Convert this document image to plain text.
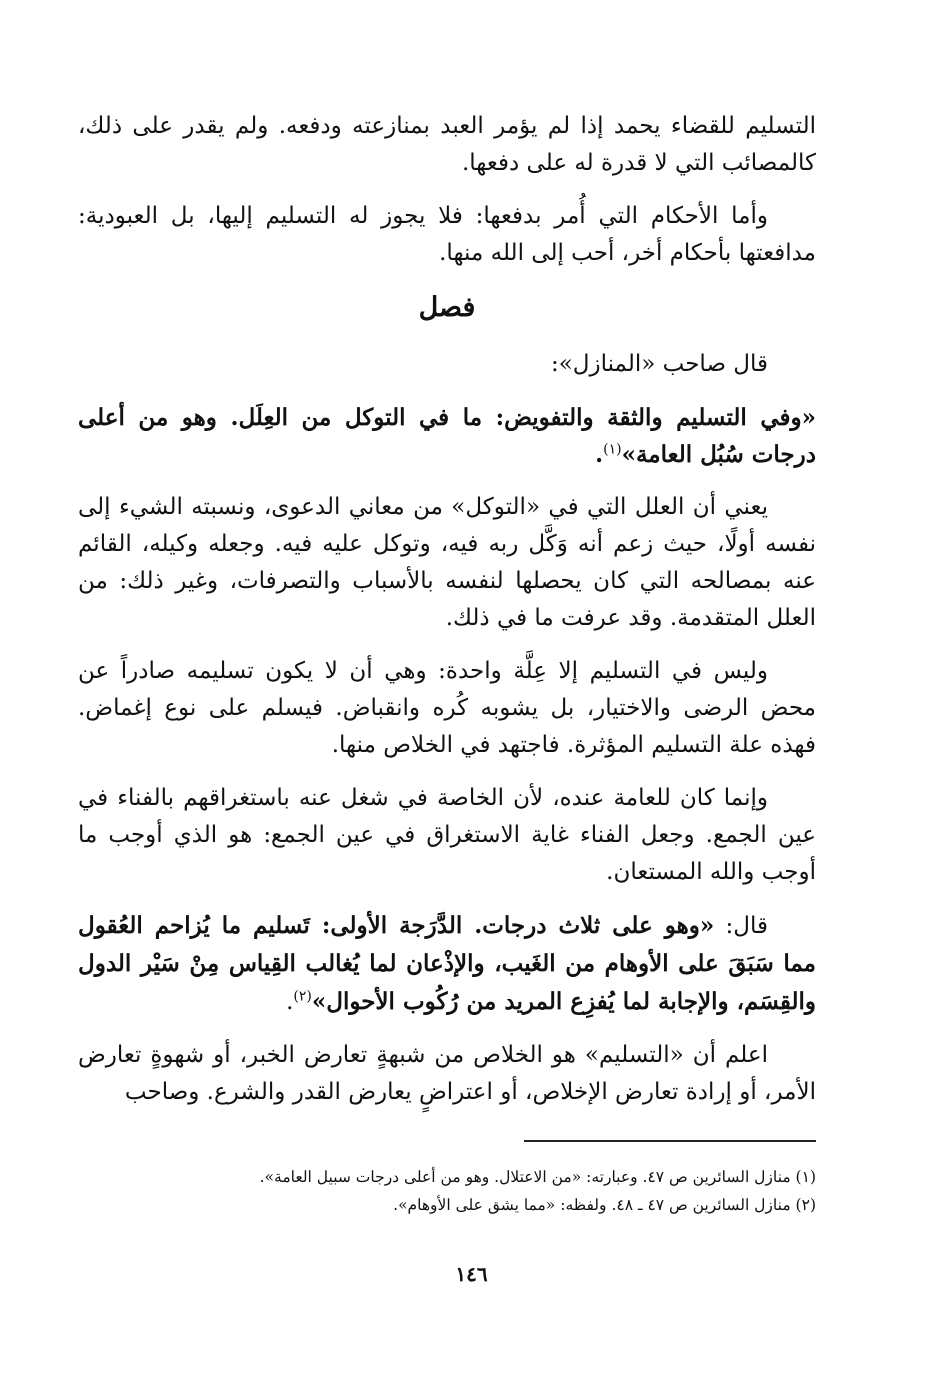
التسليم للقضاء يحمد إذا لم يؤمر العبد بمنازعته ودفعه. ولم يقدر على ذلك، كالمصائب التي لا قدرة له على دفعها.

وأما الأحكام التي أُمر بدفعها: فلا يجوز له التسليم إليها، بل العبودية: مدافعتها بأحكام أخر، أحب إلى الله منها.

فصل

قال صاحب «المنازل»:

«وفي التسليم والثقة والتفويض: ما في التوكل من العِلَل. وهو من أعلى درجات سُبُل العامة»$^{(١)}$.

يعني أن العلل التي في «التوكل» من معاني الدعوى، ونسبته الشيء إلى نفسه أولًا، حيث زعم أنه وَكَّل ربه فيه، وتوكل عليه فيه. وجعله وكيله، القائم عنه بمصالحه التي كان يحصلها لنفسه بالأسباب والتصرفات، وغير ذلك: من العلل المتقدمة. وقد عرفت ما في ذلك.

وليس في التسليم إلا عِلَّة واحدة: وهي أن لا يكون تسليمه صادراً عن محض الرضى والاختيار، بل يشوبه كُره وانقباض. فيسلم على نوع إغماض. فهذه علة التسليم المؤثرة. فاجتهد في الخلاص منها.

وإنما كان للعامة عنده، لأن الخاصة في شغل عنه باستغراقهم بالفناء في عين الجمع. وجعل الفناء غاية الاستغراق في عين الجمع: هو الذي أوجب ما أوجب والله المستعان.

قال: «وهو على ثلاث درجات. الدَّرَجة الأولى: تَسليم ما يُزاحم العُقول مما سَبَقَ على الأوهام من الغَيب، والإذْعان لما يُغالب القِياس مِنْ سَيْر الدول والقِسَم، والإجابة لما يُفزِع المريد من رُكُوب الأحوال»$^{(٢)}$.

اعلم أن «التسليم» هو الخلاص من شبهةٍ تعارض الخبر، أو شهوةٍ تعارض الأمر، أو إرادة تعارض الإخلاص، أو اعتراضٍ يعارض القدر والشرع. وصاحب

(١) منازل السائرين ص ٤٧. وعبارته: «من الاعتلال. وهو من أعلى درجات سبيل العامة».
(٢) منازل السائرين ص ٤٧ ـ ٤٨. ولفظه: «مما يشق على الأوهام».
١٤٦
